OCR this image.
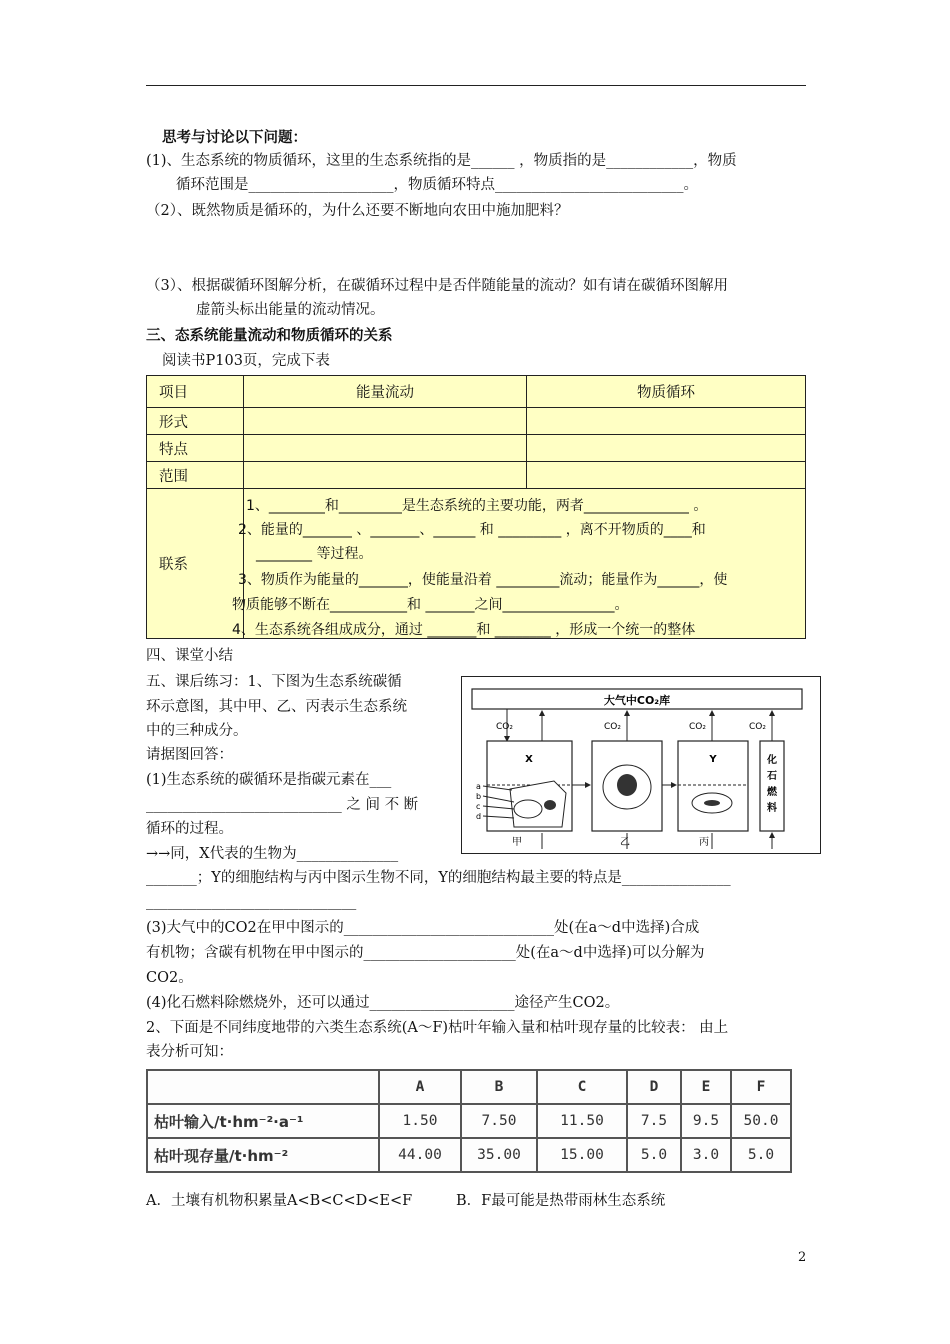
思考与讨论以下问题：
(1)、生态系统的物质循环，这里的生态系统指的是______ ，物质指的是____________，物质
循环范围是____________________，物质循环特点__________________________。
（2）、既然物质是循环的，为什么还要不断地向农田中施加肥料？
（3）、根据碳循环图解分析，在碳循环过程中是否伴随能量的流动？如有请在碳循环图解用
虚箭头标出能量的流动情况。
三、态系统能量流动和物质循环的关系
阅读书P103页，完成下表
项目	能量流动	物质循环
形式		
特点		
范围		
联系		
1、________和_________是生态系统的主要功能，两者_______________ 。
2、能量的_______ 、_______、______ 和 _________ ，离不开物质的____和
________ 等过程。
3、物质作为能量的_______，使能量沿着 _________流动；能量作为______，使
物质能够不断在___________和 _______之间________________。
4、生态系统各组成成分，通过 _______和 ________ ，形成一个统一的整体
四、课堂小结
五、课后练习：1、下图为生态系统碳循
环示意图，其中甲、乙、丙表示生态系统
中的三种成分。
请据图回答：
(1)生态系统的碳循环是指碳元素在___
___________________________ 之 间 不 断
循环的过程。
→→同，X代表的生物为______________
_______；Y的细胞结构与丙中图示生物不同，Y的细胞结构最主要的特点是_______________
_____________________________
(3)大气中的CO2在甲中图示的_____________________________处(在a～d中选择)合成
有机物；含碳有机物在甲中图示的_____________________处(在a～d中选择)可以分解为
CO2。
(4)化石燃料除燃烧外，还可以通过____________________途径产生CO2。
2、下面是不同纬度地带的六类生态系统(A～F)枯叶年输入量和枯叶现存量的比较表： 由上
表分析可知：
大气中CO₂库
CO₂	CO₂	CO₂	CO₂
X
a
b
c
d
甲	乙
Y
丙
化
石
燃
料
	A	B	C	D	E	F
枯叶输入/t·hm⁻²·a⁻¹	1.50	7.50	11.50	7.5	9.5	50.0
枯叶现存量/t·hm⁻²	44.00	35.00	15.00	5.0	3.0	5.0
A．土壤有机物积累量A<B<C<D<E<F	B．F最可能是热带雨林生态系统
2
